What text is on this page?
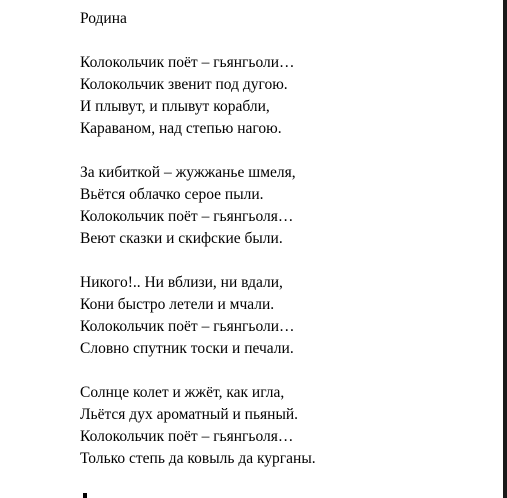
Родина
Колокольчик поёт – гьянгьоли…
Колокольчик звенит под дугою.
И плывут, и плывут корабли,
Караваном, над степью нагою.
За кибиткой – жужжанье шмеля,
Вьётся облачко серое пыли.
Колокольчик поёт – гьянгьоля…
Веют сказки и скифские были.
Никого!.. Ни вблизи, ни вдали,
Кони быстро летели и мчали.
Колокольчик поёт – гьянгьоли…
Словно спутник тоски и печали.
Солнце колет и жжёт, как игла,
Льётся дух ароматный и пьяный.
Колокольчик поёт – гьянгьоля…
Только степь да ковыль да курганы.
